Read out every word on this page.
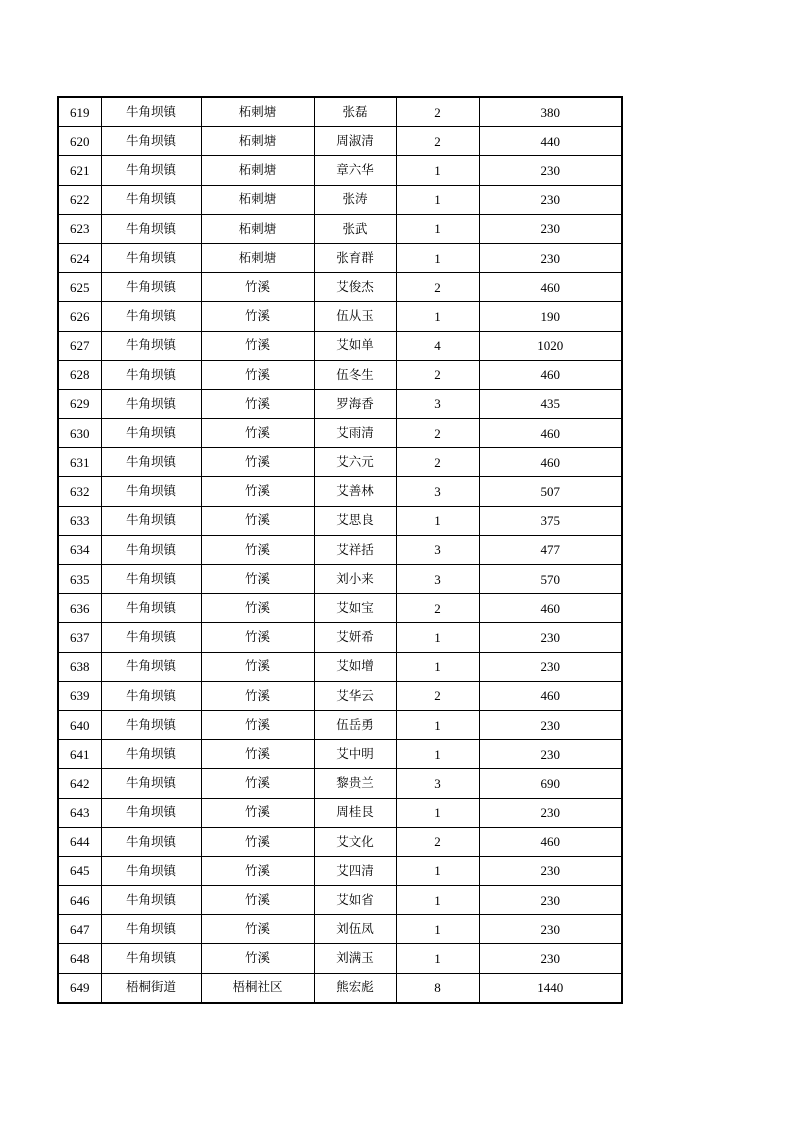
619	牛角坝镇	柘刺塘	张磊	2	380
620	牛角坝镇	柘刺塘	周淑清	2	440
621	牛角坝镇	柘刺塘	章六华	1	230
622	牛角坝镇	柘刺塘	张涛	1	230
623	牛角坝镇	柘刺塘	张武	1	230
624	牛角坝镇	柘刺塘	张育群	1	230
625	牛角坝镇	竹溪	艾俊杰	2	460
626	牛角坝镇	竹溪	伍从玉	1	190
627	牛角坝镇	竹溪	艾如单	4	1020
628	牛角坝镇	竹溪	伍冬生	2	460
629	牛角坝镇	竹溪	罗海香	3	435
630	牛角坝镇	竹溪	艾雨清	2	460
631	牛角坝镇	竹溪	艾六元	2	460
632	牛角坝镇	竹溪	艾善林	3	507
633	牛角坝镇	竹溪	艾思良	1	375
634	牛角坝镇	竹溪	艾祥括	3	477
635	牛角坝镇	竹溪	刘小来	3	570
636	牛角坝镇	竹溪	艾如宝	2	460
637	牛角坝镇	竹溪	艾妍希	1	230
638	牛角坝镇	竹溪	艾如增	1	230
639	牛角坝镇	竹溪	艾华云	2	460
640	牛角坝镇	竹溪	伍岳勇	1	230
641	牛角坝镇	竹溪	艾中明	1	230
642	牛角坝镇	竹溪	黎贵兰	3	690
643	牛角坝镇	竹溪	周桂艮	1	230
644	牛角坝镇	竹溪	艾文化	2	460
645	牛角坝镇	竹溪	艾四清	1	230
646	牛角坝镇	竹溪	艾如省	1	230
647	牛角坝镇	竹溪	刘伍凤	1	230
648	牛角坝镇	竹溪	刘满玉	1	230
649	梧桐街道	梧桐社区	熊宏彪	8	1440
